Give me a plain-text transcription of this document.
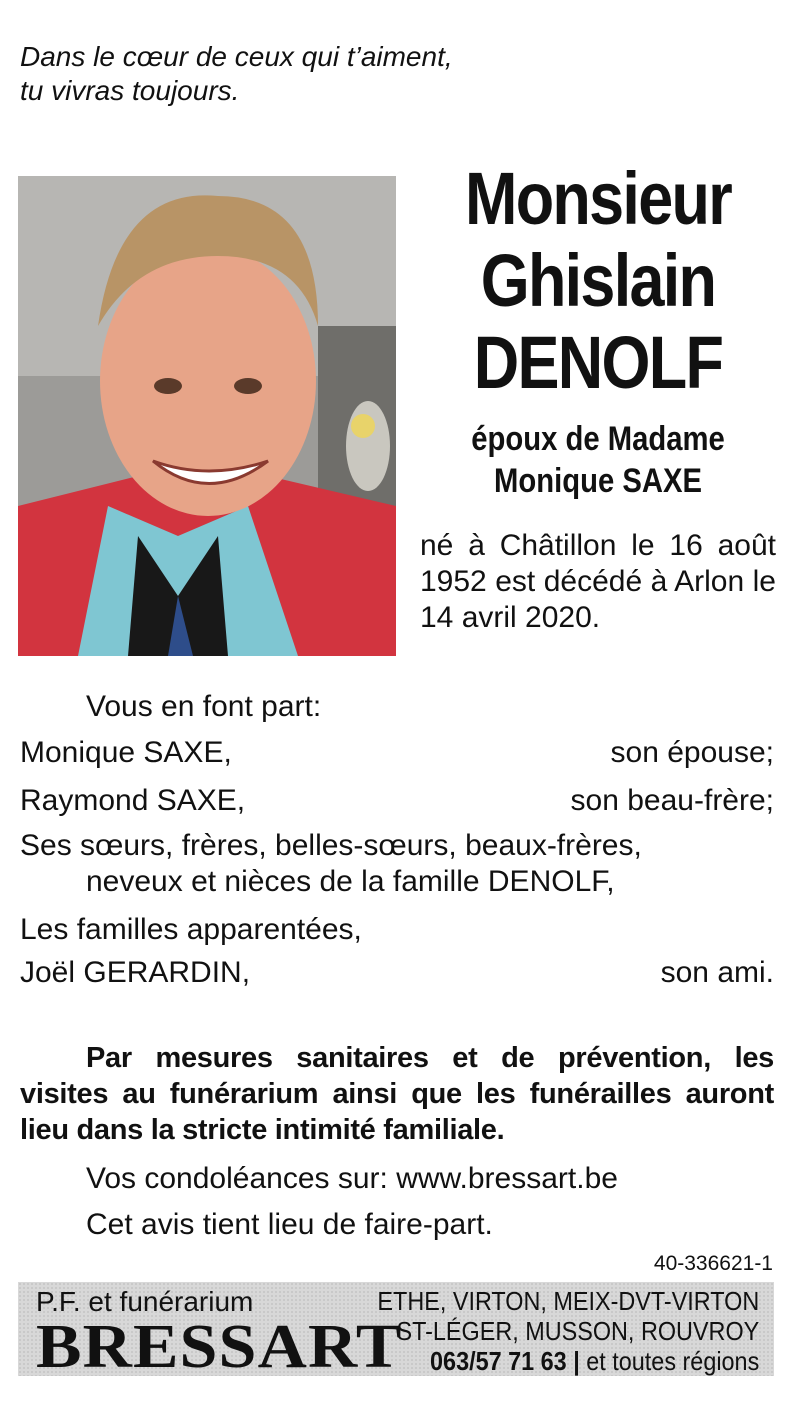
Dans le cœur de ceux qui t’aiment,
tu vivras toujours.
Monsieur
Ghislain
DENOLF
époux de Madame
Monique SAXE
né à Châtillon le 16 août 1952 est décédé à Arlon le 14 avril 2020.
Vous en font part:
Monique SAXE,	son épouse;
Raymond SAXE,	son beau-frère;
Ses sœurs, frères, belles-sœurs, beaux-frères,
neveux et nièces de la famille DENOLF,
Les familles apparentées,
Joël GERARDIN,	son ami.
Par mesures sanitaires et de prévention, les visites au funérarium ainsi que les funérailles auront lieu dans la stricte intimité familiale.
Vos condoléances sur: www.bressart.be
Cet avis tient lieu de faire-part.
40-336621-1
P.F. et funérarium
BRESSART
ETHE, VIRTON, MEIX-DVT-VIRTON
ST-LÉGER, MUSSON, ROUVROY
063/57 71 63 | et toutes régions
